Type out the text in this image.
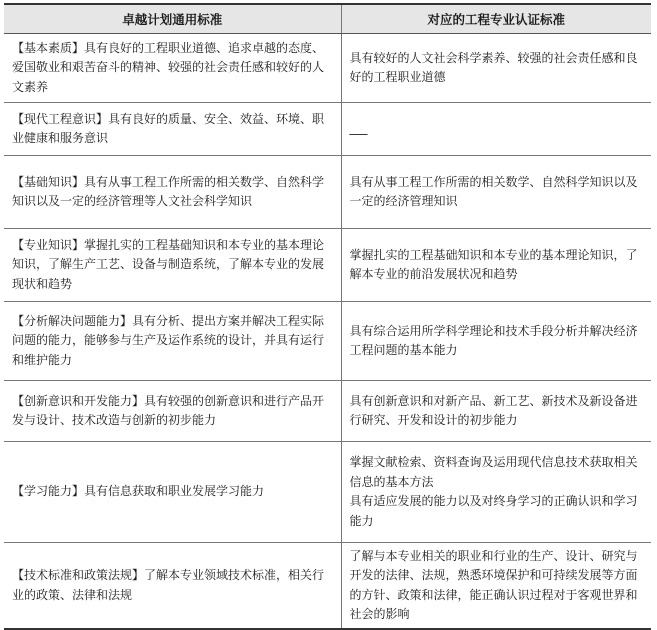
卓越计划通用标准	对应的工程专业认证标准
【基本素质】具有良好的工程职业道德、追求卓越的态度、爱国敬业和艰苦奋斗的精神、较强的社会责任感和较好的人文素养	具有较好的人文社会科学素养、较强的社会责任感和良好的工程职业道德

【现代工程意识】具有良好的质量、安全、效益、环境、职业健康和服务意识	___

【基础知识】具有从事工程工作所需的相关数学、自然科学知识以及一定的经济管理等人文社会科学知识	具有从事工程工作所需的相关数学、自然科学知识以及一定的经济管理知识

【专业知识】掌握扎实的工程基础知识和本专业的基本理论知识，了解生产工艺、设备与制造系统，了解本专业的发展现状和趋势	掌握扎实的工程基础知识和本专业的基本理论知识，了解本专业的前沿发展状况和趋势

【分析解决问题能力】具有分析、提出方案并解决工程实际问题的能力，能够参与生产及运作系统的设计，并具有运行和维护能力	具有综合运用所学科学理论和技术手段分析并解决经济工程问题的基本能力

【创新意识和开发能力】具有较强的创新意识和进行产品开发与设计、技术改造与创新的初步能力	具有创新意识和对新产品、新工艺、新技术及新设备进行研究、开发和设计的初步能力

【学习能力】具有信息获取和职业发展学习能力	掌握文献检索、资料查询及运用现代信息技术获取相关信息的基本方法
具有适应发展的能力以及对终身学习的正确认识和学习能力

【技术标准和政策法规】了解本专业领域技术标准，相关行业的政策、法律和法规	了解与本专业相关的职业和行业的生产、设计、研究与开发的法律、法规，熟悉环境保护和可持续发展等方面的方针、政策和法律，能正确认识过程对于客观世界和社会的影响
